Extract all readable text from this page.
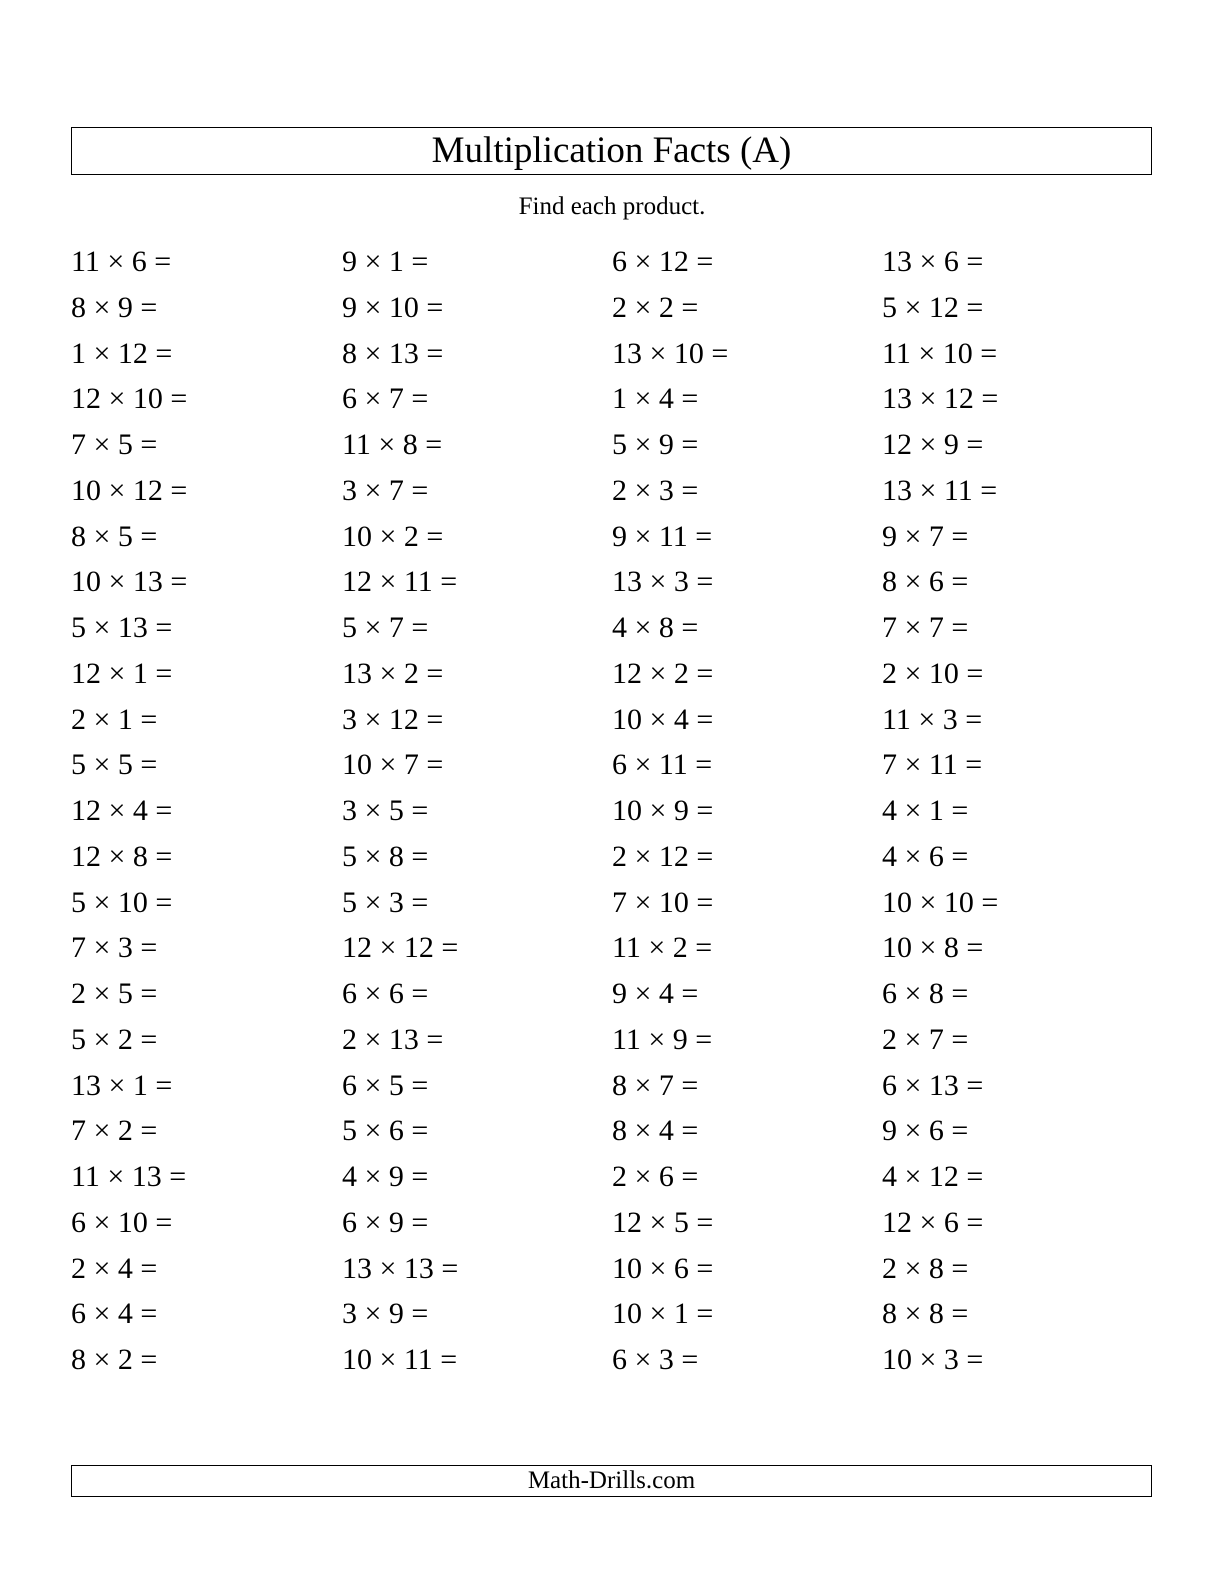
Multiplication Facts (A)
Find each product.
11 × 6 =	9 × 1 =	6 × 12 =	13 × 6 =
8 × 9 =	9 × 10 =	2 × 2 =	5 × 12 =
1 × 12 =	8 × 13 =	13 × 10 =	11 × 10 =
12 × 10 =	6 × 7 =	1 × 4 =	13 × 12 =
7 × 5 =	11 × 8 =	5 × 9 =	12 × 9 =
10 × 12 =	3 × 7 =	2 × 3 =	13 × 11 =
8 × 5 =	10 × 2 =	9 × 11 =	9 × 7 =
10 × 13 =	12 × 11 =	13 × 3 =	8 × 6 =
5 × 13 =	5 × 7 =	4 × 8 =	7 × 7 =
12 × 1 =	13 × 2 =	12 × 2 =	2 × 10 =
2 × 1 =	3 × 12 =	10 × 4 =	11 × 3 =
5 × 5 =	10 × 7 =	6 × 11 =	7 × 11 =
12 × 4 =	3 × 5 =	10 × 9 =	4 × 1 =
12 × 8 =	5 × 8 =	2 × 12 =	4 × 6 =
5 × 10 =	5 × 3 =	7 × 10 =	10 × 10 =
7 × 3 =	12 × 12 =	11 × 2 =	10 × 8 =
2 × 5 =	6 × 6 =	9 × 4 =	6 × 8 =
5 × 2 =	2 × 13 =	11 × 9 =	2 × 7 =
13 × 1 =	6 × 5 =	8 × 7 =	6 × 13 =
7 × 2 =	5 × 6 =	8 × 4 =	9 × 6 =
11 × 13 =	4 × 9 =	2 × 6 =	4 × 12 =
6 × 10 =	6 × 9 =	12 × 5 =	12 × 6 =
2 × 4 =	13 × 13 =	10 × 6 =	2 × 8 =
6 × 4 =	3 × 9 =	10 × 1 =	8 × 8 =
8 × 2 =	10 × 11 =	6 × 3 =	10 × 3 =
Math-Drills.com
